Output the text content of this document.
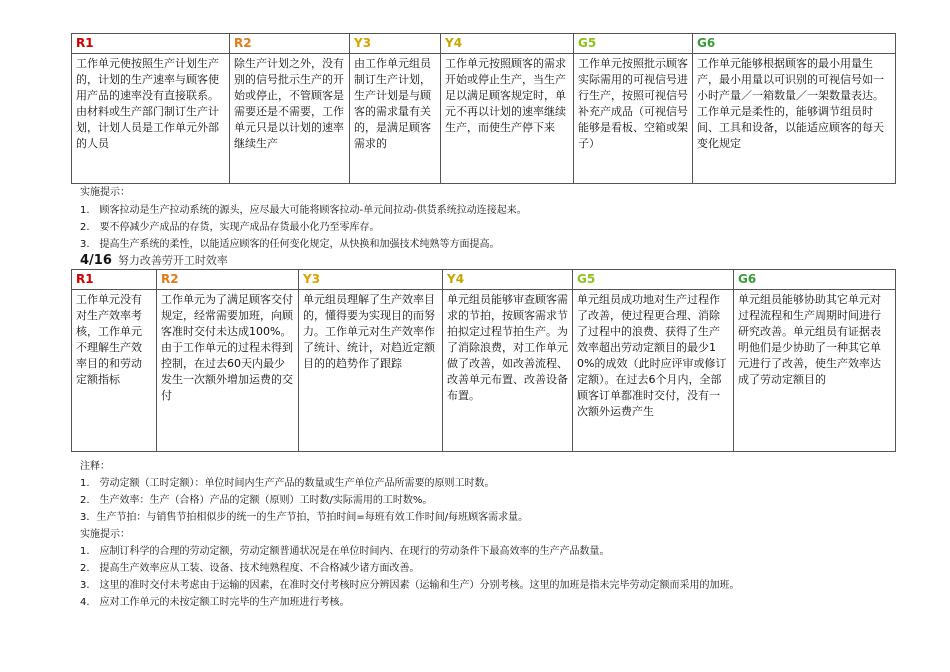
R1	R2	Y3	Y4	G5	G6
工作单元使按照生产计划生产的，计划的生产速率与顾客使用产品的速率没有直接联系。由材料或生产部门制订生产计划，计划人员是工作单元外部的人员	除生产计划之外，没有别的信号批示生产的开始或停止，不管顾客是需要还是不需要，工作单元只是以计划的速率继续生产	由工作单元组员制订生产计划，生产计划是与顾客的需求量有关的，是满足顾客需求的	工作单元按照顾客的需求开始或停止生产，当生产足以满足顾客规定时，单元不再以计划的速率继续生产，而使生产停下来	工作单元按照批示顾客实际需用的可视信号进行生产，按照可视信号补充产成品（可视信号能够是看板、空箱或架子）	工作单元能够根据顾客的最小用量生产，最小用量以可识别的可视信号如一小时产量／一箱数量／一架数量表达。工作单元是柔性的，能够调节组员时间、工具和设备，以能适应顾客的每天变化规定
实施提示：
1.　顾客拉动是生产拉动系统的源头，应尽最大可能将顾客拉动-单元间拉动-供货系统拉动连接起来。
2.　要不停减少产成品的存货，实现产成品存货最小化乃至零库存。
3.　提高生产系统的柔性，以能适应顾客的任何变化规定，从快换和加强技术纯熟等方面提高。
4/16 努力改善劳开工时效率
R1	R2	Y3	Y4	G5	G6
工作单元没有对生产效率考核，工作单元不理解生产效率目的和劳动定额指标	工作单元为了满足顾客交付规定，经常需要加班，向顾客准时交付未达成100%。由于工作单元的过程未得到控制，在过去60天内最少发生一次额外增加运费的交付	单元组员理解了生产效率目的，懂得要为实现目的而努力。工作单元对生产效率作了统计、统计，对趋近定额目的的趋势作了跟踪	单元组员能够审查顾客需求的节拍，按顾客需求节拍拟定过程节拍生产。为了消除浪费，对工作单元做了改善，如改善流程、改善单元布置、改善设备布置。	单元组员成功地对生产过程作了改善，使过程更合理、消除了过程中的浪费、获得了生产效率超出劳动定额目的最少10%的成效（此时应评审或修订定额）。在过去6个月内，全部顾客订单都准时交付，没有一次额外运费产生	单元组员能够协助其它单元对过程流程和生产周期时间进行研究改善。单元组员有证据表明他们是少协助了一种其它单元进行了改善，使生产效率达成了劳动定额目的
注释：
1.　劳动定额（工时定额）：单位时间内生产产品的数量或生产单位产品所需要的原则工时数。
2.　生产效率：生产（合格）产品的定额（原则）工时数/实际需用的工时数%。
3．生产节拍：与销售节拍相似步的统一的生产节拍，节拍时间=每班有效工作时间/每班顾客需求量。
实施提示：
1.　应制订科学的合理的劳动定额，劳动定额普通状况是在单位时间内、在现行的劳动条件下最高效率的生产产品数量。
2.　提高生产效率应从工装、设备、技术纯熟程度、不合格减少诸方面改善。
3.　这里的准时交付未考虑由于运输的因素，在准时交付考核时应分辨因素（运输和生产）分别考核。这里的加班是指未完毕劳动定额而采用的加班。
4.　应对工作单元的未按定额工时完毕的生产加班进行考核。
